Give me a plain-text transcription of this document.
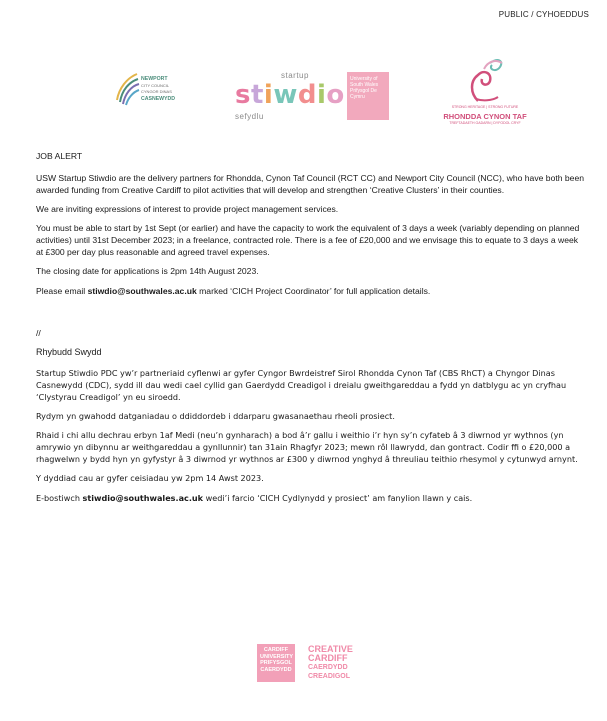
PUBLIC / CYHOEDDUS
NEWPORT
CITY COUNCIL
CYNGOR DINAS
CASNEWYDD
startup
stiwdio
sefydlu
University of South Wales Prifysgol De Cymru
STRONG HERITAGE | STRONG FUTURE
RHONDDA CYNON TAF
TREFTADAETH GADARN | DYFODOL CRYF

JOB ALERT

USW Startup Stiwdio are the delivery partners for Rhondda, Cynon Taf Council (RCT CC) and Newport City Council (NCC), who have both been awarded funding from Creative Cardiff to pilot activities that will develop and strengthen ‘Creative Clusters’ in their counties.

We are inviting expressions of interest to provide project management services.

You must be able to start by 1st Sept (or earlier) and have the capacity to work the equivalent of 3 days a week (variably depending on planned activities) until 31st December 2023; in a freelance, contracted role. There is a fee of £20,000 and we envisage this to equate to 3 days a week at £300 per day plus reasonable and agreed travel expenses.

The closing date for applications is 2pm 14th August 2023.

Please email stiwdio@southwales.ac.uk marked ‘CICH Project Coordinator’ for full application details.

//

Rhybudd Swydd

Startup Stiwdio PDC yw’r partneriaid cyflenwi ar gyfer Cyngor Bwrdeistref Sirol Rhondda Cynon Taf (CBS RhCT) a Chyngor Dinas Casnewydd (CDC), sydd ill dau wedi cael cyllid gan Gaerdydd Creadigol i dreialu gweithgareddau a fydd yn datblygu ac yn cryfhau ‘Clystyrau Creadigol’ yn eu siroedd.

Rydym yn gwahodd datganiadau o ddiddordeb i ddarparu gwasanaethau rheoli prosiect.

Rhaid i chi allu dechrau erbyn 1af Medi (neu’n gynharach) a bod â’r gallu i weithio i’r hyn sy’n cyfateb â 3 diwrnod yr wythnos (yn amrywio yn dibynnu ar weithgareddau a gynllunnir) tan 31ain Rhagfyr 2023; mewn rôl llawrydd, dan gontract. Codir ffi o £20,000 a rhagwelwn y bydd hyn yn gyfystyr â 3 diwrnod yr wythnos ar £300 y diwrnod ynghyd â threuliau teithio rhesymol y cytunwyd arnynt.

Y dyddiad cau ar gyfer ceisiadau yw 2pm 14 Awst 2023.

E-bostiwch stiwdio@southwales.ac.uk wedi’i farcio ‘CICH Cydlynydd y prosiect’ am fanylion llawn y cais.

CARDIFF UNIVERSITY PRIFYSGOL CAERDYDD
CREATIVE
CARDIFF
CAERDYDD
CREADIGOL
